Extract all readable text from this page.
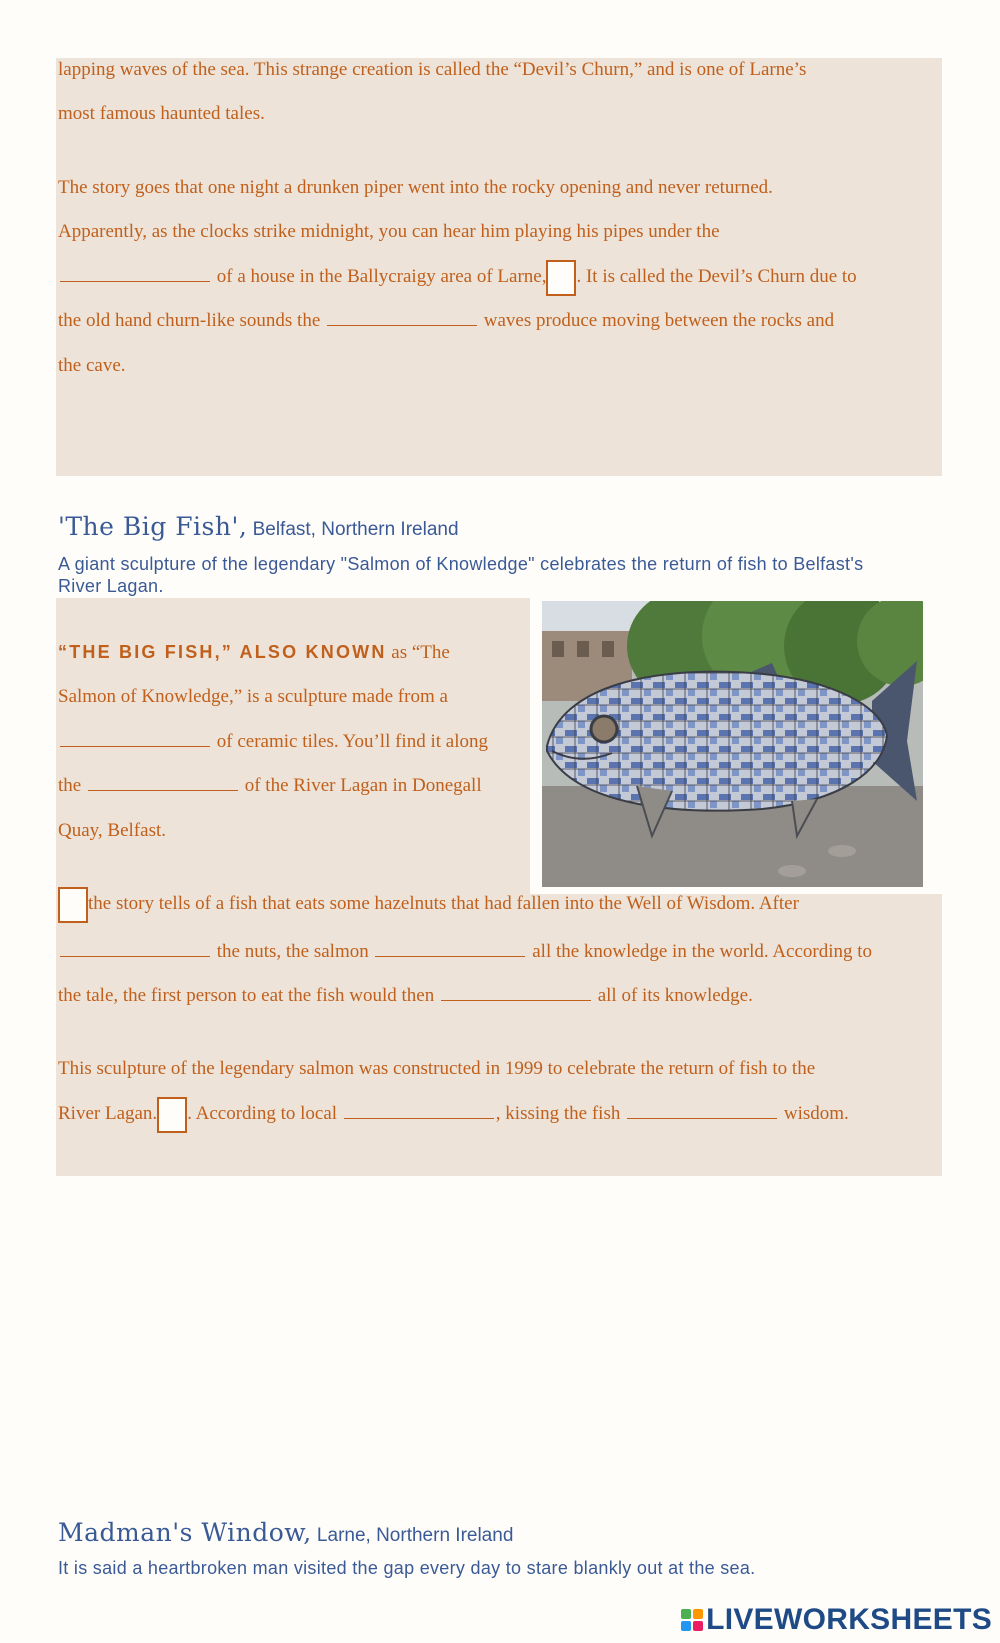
lapping waves of the sea. This strange creation is called the “Devil’s Churn,” and is one of Larne’s

most famous haunted tales.

The story goes that one night a drunken piper went into the rocky opening and never returned.

Apparently, as the clocks strike midnight, you can hear him playing his pipes under the

of a house in the Ballycraigy area of Larne, . It is called the Devil’s Churn due to

the old hand churn-like sounds the	waves produce moving between the rocks and

the cave.

'The Big Fish', Belfast, Northern Ireland

A giant sculpture of the legendary "Salmon of Knowledge" celebrates the return of fish to Belfast's River Lagan.

“THE BIG FISH,” ALSO KNOWN as “The

Salmon of Knowledge,” is a sculpture made from a

of ceramic tiles. You’ll find it along

the	of the River Lagan in Donegall

Quay, Belfast.

the story tells of a fish that eats some hazelnuts that had fallen into the Well of Wisdom. After

the nuts, the salmon	all the knowledge in the world. According to

the tale, the first person to eat the fish would then	all of its knowledge.

This sculpture of the legendary salmon was constructed in 1999 to celebrate the return of fish to the

River Lagan. . According to local	, kissing the fish	wisdom.

Madman's Window, Larne, Northern Ireland

It is said a heartbroken man visited the gap every day to stare blankly out at the sea.

LIVEWORKSHEETS
